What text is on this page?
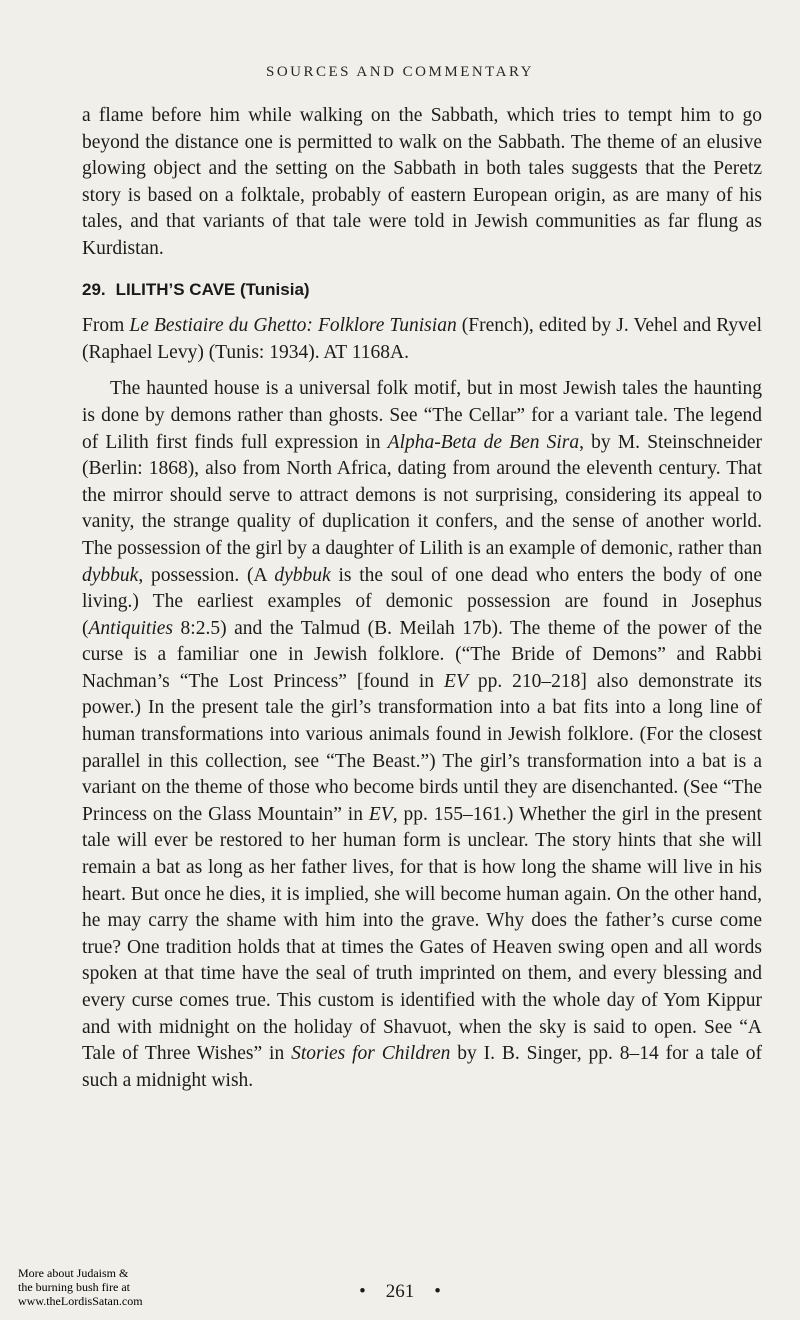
SOURCES AND COMMENTARY

a flame before him while walking on the Sabbath, which tries to tempt him to go beyond the distance one is permitted to walk on the Sabbath. The theme of an elusive glowing object and the setting on the Sabbath in both tales suggests that the Peretz story is based on a folktale, probably of eastern European origin, as are many of his tales, and that variants of that tale were told in Jewish communities as far flung as Kurdistan.

29. LILITH’S CAVE (Tunisia)

From Le Bestiaire du Ghetto: Folklore Tunisian (French), edited by J. Vehel and Ryvel (Raphael Levy) (Tunis: 1934). AT 1168A.

The haunted house is a universal folk motif, but in most Jewish tales the haunting is done by demons rather than ghosts. See “The Cellar” for a variant tale. The legend of Lilith first finds full expression in Alpha-Beta de Ben Sira, by M. Steinschneider (Berlin: 1868), also from North Africa, dating from around the eleventh century. That the mirror should serve to attract demons is not surprising, considering its appeal to vanity, the strange quality of duplication it confers, and the sense of another world. The possession of the girl by a daughter of Lilith is an example of demonic, rather than dybbuk, possession. (A dybbuk is the soul of one dead who enters the body of one living.) The earliest examples of demonic possession are found in Josephus (Antiquities 8:2.5) and the Talmud (B. Meilah 17b). The theme of the power of the curse is a familiar one in Jewish folklore. (“The Bride of Demons” and Rabbi Nachman’s “The Lost Princess” [found in EV pp. 210–218] also demonstrate its power.) In the present tale the girl’s transformation into a bat fits into a long line of human transformations into various animals found in Jewish folklore. (For the closest parallel in this collection, see “The Beast.”) The girl’s transformation into a bat is a variant on the theme of those who become birds until they are disenchanted. (See “The Princess on the Glass Mountain” in EV, pp. 155–161.) Whether the girl in the present tale will ever be restored to her human form is unclear. The story hints that she will remain a bat as long as her father lives, for that is how long the shame will live in his heart. But once he dies, it is implied, she will become human again. On the other hand, he may carry the shame with him into the grave. Why does the father’s curse come true? One tradition holds that at times the Gates of Heaven swing open and all words spoken at that time have the seal of truth imprinted on them, and every blessing and every curse comes true. This custom is identified with the whole day of Yom Kippur and with midnight on the holiday of Shavuot, when the sky is said to open. See “A Tale of Three Wishes” in Stories for Children by I. B. Singer, pp. 8–14 for a tale of such a midnight wish.

• 261 •
More about Judaism &
the burning bush fire at
www.theLordisSatan.com
